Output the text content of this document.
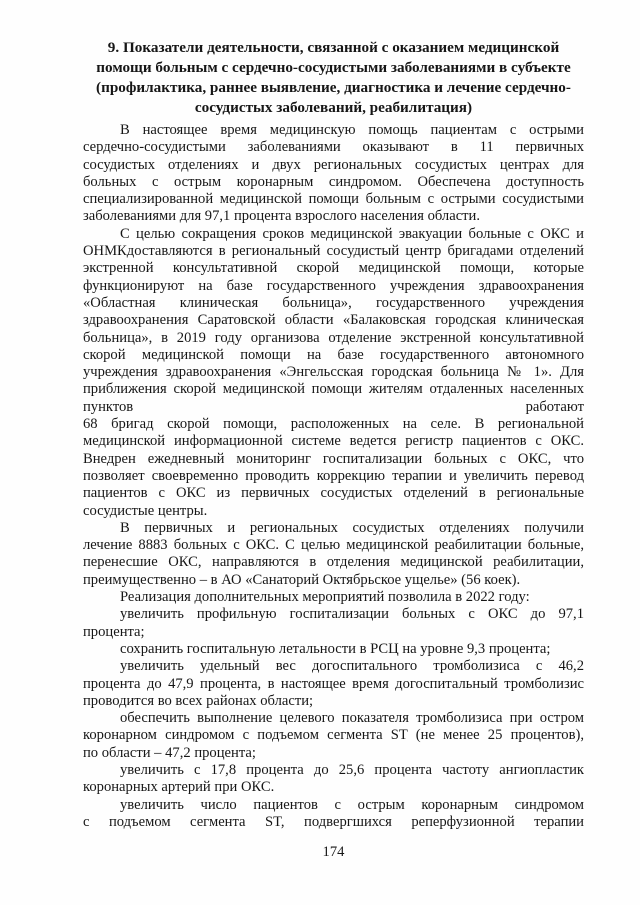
9. Показатели деятельности, связанной с оказанием медицинской
помощи больным с сердечно-сосудистыми заболеваниями в субъекте
(профилактика, раннее выявление, диагностика и лечение сердечно-
сосудистых заболеваний, реабилитация)
В настоящее время медицинскую помощь пациентам с острыми
сердечно-сосудистыми заболеваниями оказывают в 11 первичных
сосудистых отделениях и двух региональных сосудистых центрах для
больных с острым коронарным синдромом. Обеспечена доступность
специализированной медицинской помощи больным с острыми сосудистыми
заболеваниями для 97,1 процента взрослого населения области.
С целью сокращения сроков медицинской эвакуации больные с ОКС и
ОНМКдоставляются в региональный сосудистый центр бригадами отделений
экстренной консультативной скорой медицинской помощи, которые
функционируют на базе государственного учреждения здравоохранения
«Областная клиническая больница», государственного учреждения
здравоохранения Саратовской области «Балаковская городская клиническая
больница», в 2019 году организова отделение экстренной консультативной
скорой медицинской помощи на базе государственного автономного
учреждения здравоохранения «Энгельсская городская больница № 1». Для
приближения скорой медицинской помощи жителям отдаленных населенных
пунктов работают
68 бригад скорой помощи, расположенных на селе. В региональной
медицинской информационной системе ведется регистр пациентов с ОКС.
Внедрен ежедневный мониторинг госпитализации больных с ОКС, что
позволяет своевременно проводить коррекцию терапии и увеличить перевод
пациентов с ОКС из первичных сосудистых отделений в региональные
сосудистые центры.
В первичных и региональных сосудистых отделениях получили
лечение 8883 больных с ОКС. С целью медицинской реабилитации больные,
перенесшие ОКС, направляются в отделения медицинской реабилитации,
преимущественно – в АО «Санаторий Октябрьское ущелье» (56 коек).
Реализация дополнительных мероприятий позволила в 2022 году:
увеличить профильную госпитализации больных с ОКС до 97,1
процента;
сохранить госпитальную летальности в РСЦ на уровне 9,3 процента;
увеличить удельный вес догоспитального тромболизиса с 46,2
процента до 47,9 процента, в настоящее время догоспитальный тромболизис
проводится во всех районах области;
обеспечить выполнение целевого показателя тромболизиса при остром
коронарном синдромом с подъемом сегмента ST (не менее 25 процентов),
по области – 47,2 процента;
увеличить с 17,8 процента до 25,6 процента частоту ангиопластик
коронарных артерий при ОКС.
увеличить число пациентов с острым коронарным синдромом
с подъемом сегмента ST, подвергшихся реперфузионной терапии
174
